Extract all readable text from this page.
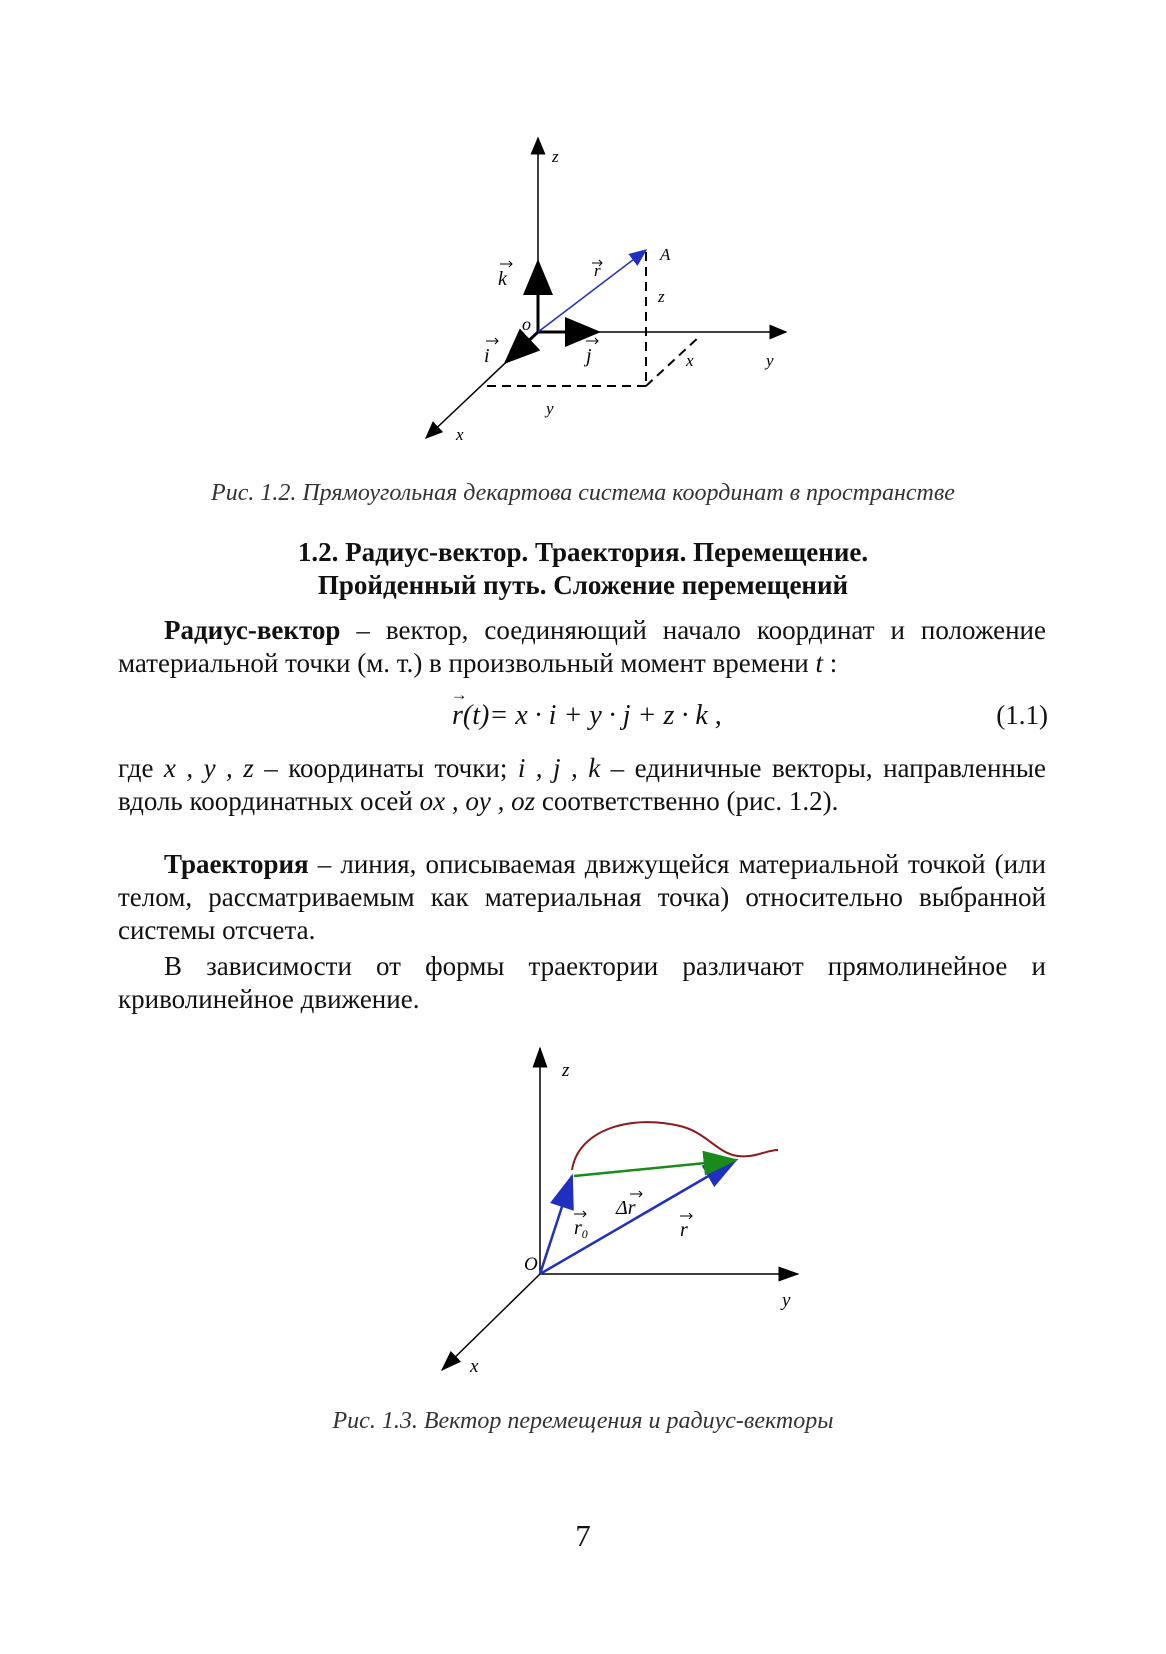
z
A
z
r
k
o
i	j	x	y
y
x
Рис. 1.2. Прямоугольная декартова система координат в пространстве
1.2. Радиус-вектор. Траектория. Перемещение.
Пройденный путь. Сложение перемещений
Радиус-вектор – вектор, соединяющий начало координат и положение материальной точки (м. т.) в произвольный момент времени t :
→ r(t)= x · i + y · j + z · k ,	(1.1)
где x , y , z – координаты точки; i , j , k – единичные векторы, направленные вдоль координатных осей ox , oy , oz соответственно (рис. 1.2).
Траектория – линия, описываемая движущейся материальной точкой (или телом, рассматриваемым как материальная точка) относительно выбранной системы отсчета.
В зависимости от формы траектории различают прямолинейное и криволинейное движение.
z
Δr
r
$r_0$
O
y
x
Рис. 1.3. Вектор перемещения и радиус-векторы
7
